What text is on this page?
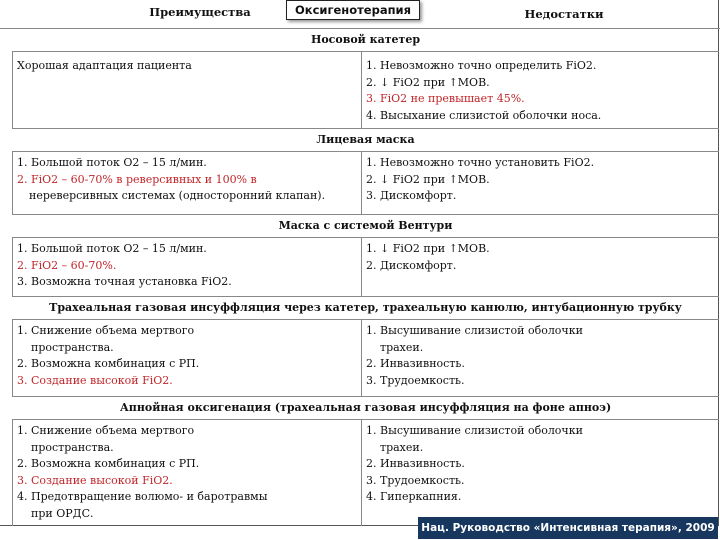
Преимущества	Недостатки
Оксигенотерапия
Носовой катетер
Хорошая адаптация пациента	1. Невозможно точно определить FiO2.
2. ↓ FiO2 при ↑МОВ.
3. FiO2 не превышает 45%.
4. Высыхание слизистой оболочки носа.
Лицевая маска
1. Большой поток О2 – 15 л/мин.
2. FiO2 – 60-70% в реверсивных и 100% в
нереверсивных системах (односторонний клапан).
1. Невозможно точно установить FiO2.
2. ↓ FiO2 при ↑МОВ.
3. Дискомфорт.
Маска с системой Вентури
1. Большой поток О2 – 15 л/мин.
2. FiO2 – 60-70%.
3. Возможна точная установка FiO2.
1. ↓ FiO2 при ↑МОВ.
2. Дискомфорт.
Трахеальная газовая инсуффляция через катетер, трахеальную канюлю, интубационную трубку
1. Снижение объема мертвого
пространства.
2. Возможна комбинация с РП.
3. Создание высокой FiO2.
1. Высушивание слизистой оболочки
трахеи.
2. Инвазивность.
3. Трудоемкость.
Апнойная оксигенация (трахеальная газовая инсуффляция на фоне апноэ)
1. Снижение объема мертвого
пространства.
2. Возможна комбинация с РП.
3. Создание высокой FiO2.
4. Предотвращение волюмо- и баротравмы
при ОРДС.
1. Высушивание слизистой оболочки
трахеи.
2. Инвазивность.
3. Трудоемкость.
4. Гиперкапния.
Нац. Руководство «Интенсивная терапия», 2009
